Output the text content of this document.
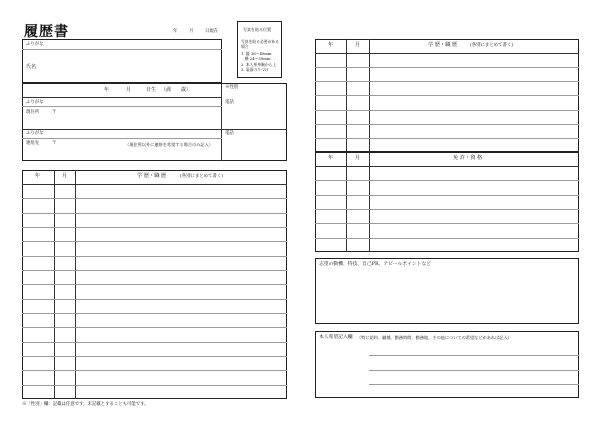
履歴書	年	月	日現在	写真を貼る位置
写真を貼る必要がある
場合
1. 縦 36〜40mm
　横 24〜30mm
2. 本人単身胸から上
3. 裏面のりづけ
ふりがな
氏名
年	月	日生 （満　　歳）	※性別
ふりがな
現住所	〒
電話
ふりがな
連絡先	〒	（現住所以外に連絡を希望する場合のみ記入）
電話
年	月	学 歴・職 歴	(各別にまとめて書く)
※「性別」欄：記載は任意です。未記載とすることも可能です。
年	月	学 歴・職 歴	(各別にまとめて書く)
年	月	免 許・資 格
志望の動機、特技、自己PR、アピールポイントなど
本人希望記入欄 （特に給料、職種、勤務時間、勤務地、その他についての希望などがあれば記入）
